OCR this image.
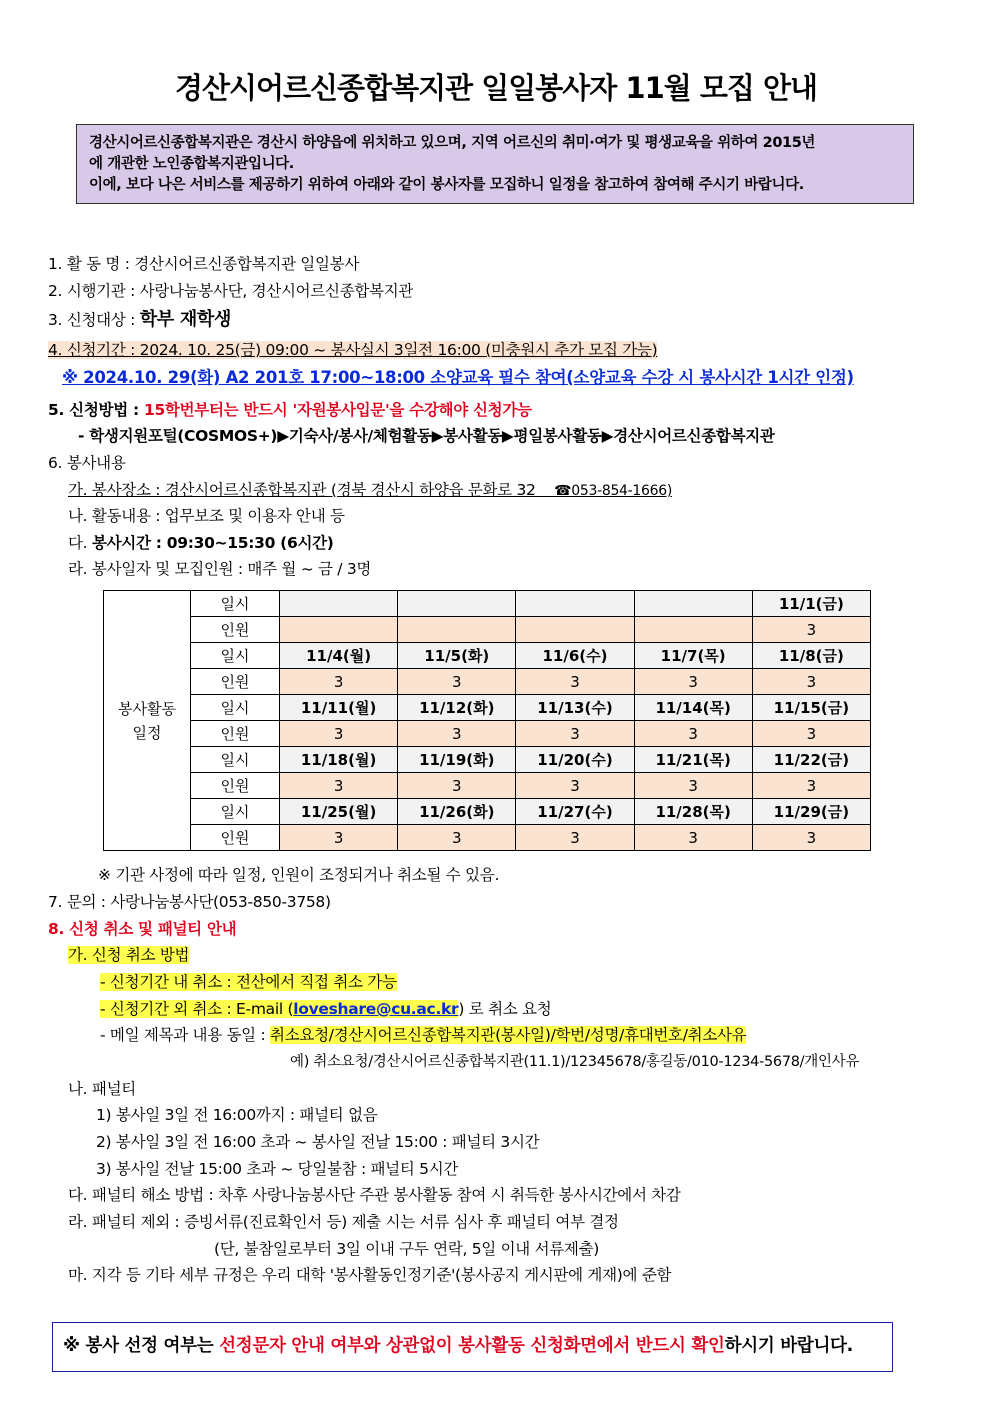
경산시어르신종합복지관 일일봉사자 11월 모집 안내
경산시어르신종합복지관은 경산시 하양읍에 위치하고 있으며, 지역 어르신의 취미·여가 및 평생교육을 위하여 2015년
에 개관한 노인종합복지관입니다.
이에, 보다 나은 서비스를 제공하기 위하여 아래와 같이 봉사자를 모집하니 일정을 참고하여 참여해 주시기 바랍니다.
1. 활 동 명 : 경산시어르신종합복지관 일일봉사
2. 시행기관 : 사랑나눔봉사단, 경산시어르신종합복지관
3. 신청대상 : 학부 재학생
4. 신청기간 : 2024. 10. 25(금) 09:00 ~ 봉사실시 3일전 16:00 (미충원시 추가 모집 가능)
※ 2024.10. 29(화) A2 201호 17:00~18:00 소양교육 필수 참여(소양교육 수강 시 봉사시간 1시간 인정)
5. 신청방법 : 15학번부터는 반드시 '자원봉사입문'을 수강해야 신청가능
- 학생지원포털(COSMOS+)▶기숙사/봉사/체험활동▶봉사활동▶평일봉사활동▶경산시어르신종합복지관
6. 봉사내용
가. 봉사장소 : 경산시어르신종합복지관 (경북 경산시 하양읍 문화로 32 ☎053-854-1666)
나. 활동내용 : 업무보조 및 이용자 안내 등
다. 봉사시간 : 09:30~15:30 (6시간)
라. 봉사일자 및 모집인원 : 매주 월 ~ 금 / 3명
봉사활동
일정	일시					11/1(금)
	인원					3
	일시	11/4(월)	11/5(화)	11/6(수)	11/7(목)	11/8(금)
	인원	3	3	3	3	3
	일시	11/11(월)	11/12(화)	11/13(수)	11/14(목)	11/15(금)
	인원	3	3	3	3	3
	일시	11/18(월)	11/19(화)	11/20(수)	11/21(목)	11/22(금)
	인원	3	3	3	3	3
	일시	11/25(월)	11/26(화)	11/27(수)	11/28(목)	11/29(금)
	인원	3	3	3	3	3
※ 기관 사정에 따라 일정, 인원이 조정되거나 취소될 수 있음.
7. 문의 : 사랑나눔봉사단(053-850-3758)
8. 신청 취소 및 패널티 안내
가. 신청 취소 방법
- 신청기간 내 취소 : 전산에서 직접 취소 가능
- 신청기간 외 취소 : E-mail (loveshare@cu.ac.kr) 로 취소 요청
- 메일 제목과 내용 동일 : 취소요청/경산시어르신종합복지관(봉사일)/학번/성명/휴대번호/취소사유
예) 취소요청/경산시어르신종합복지관(11.1)/12345678/홍길동/010-1234-5678/개인사유
나. 패널티
1) 봉사일 3일 전 16:00까지 : 패널티 없음
2) 봉사일 3일 전 16:00 초과 ~ 봉사일 전날 15:00 : 패널티 3시간
3) 봉사일 전날 15:00 초과 ~ 당일불참 : 패널티 5시간
다. 패널티 해소 방법 : 차후 사랑나눔봉사단 주관 봉사활동 참여 시 취득한 봉사시간에서 차감
라. 패널티 제외 : 증빙서류(진료확인서 등) 제출 시는 서류 심사 후 패널티 여부 결정
(단, 불참일로부터 3일 이내 구두 연락, 5일 이내 서류제출)
마. 지각 등 기타 세부 규정은 우리 대학 '봉사활동인정기준'(봉사공지 게시판에 게재)에 준함
※ 봉사 선정 여부는 선정문자 안내 여부와 상관없이 봉사활동 신청화면에서 반드시 확인하시기 바랍니다.
